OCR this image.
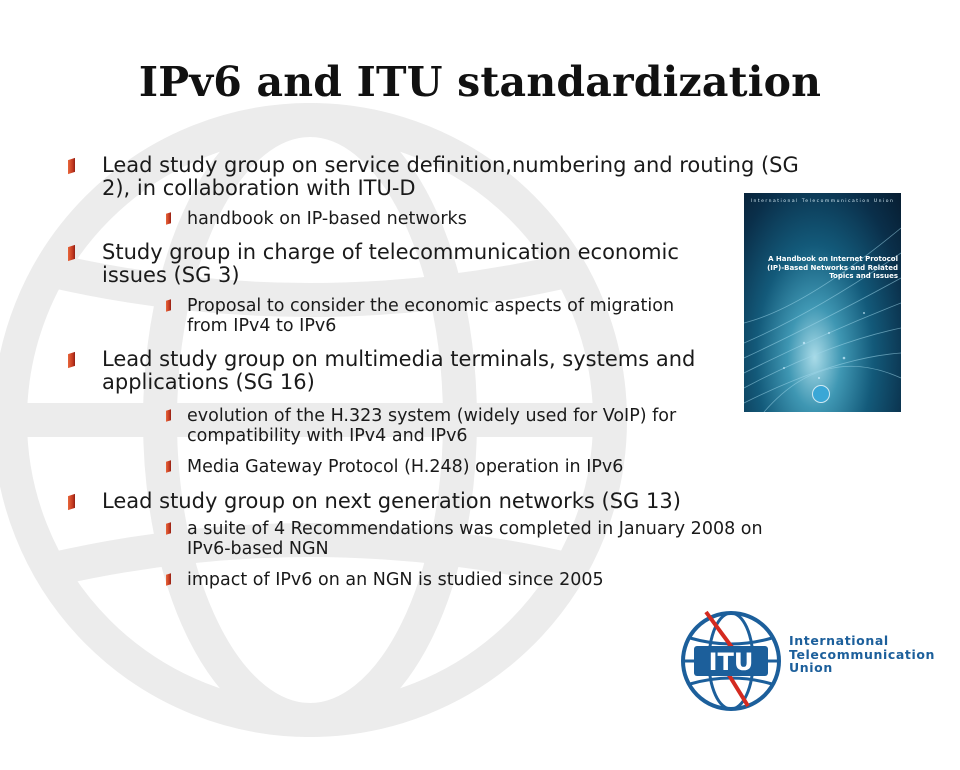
IPv6 and ITU standardization
Lead study group on service definition,numbering and routing (SG 2), in collaboration with ITU-D
handbook on IP-based networks
Study group in charge of telecommunication economic issues (SG 3)
Proposal to consider the economic aspects of migration from IPv4 to IPv6
Lead study group on multimedia terminals, systems and applications (SG 16)
evolution of the H.323 system (widely used for VoIP) for compatibility with IPv4 and IPv6
Media Gateway Protocol (H.248) operation in IPv6
Lead study group on next generation networks (SG 13)
a suite of 4 Recommendations was completed in January 2008 on IPv6-based NGN
impact of IPv6 on an NGN is studied since 2005
International Telecommunication Union
A Handbook on Internet Protocol (IP)-Based Networks and Related Topics and Issues
ITU
International
Telecommunication
Union
